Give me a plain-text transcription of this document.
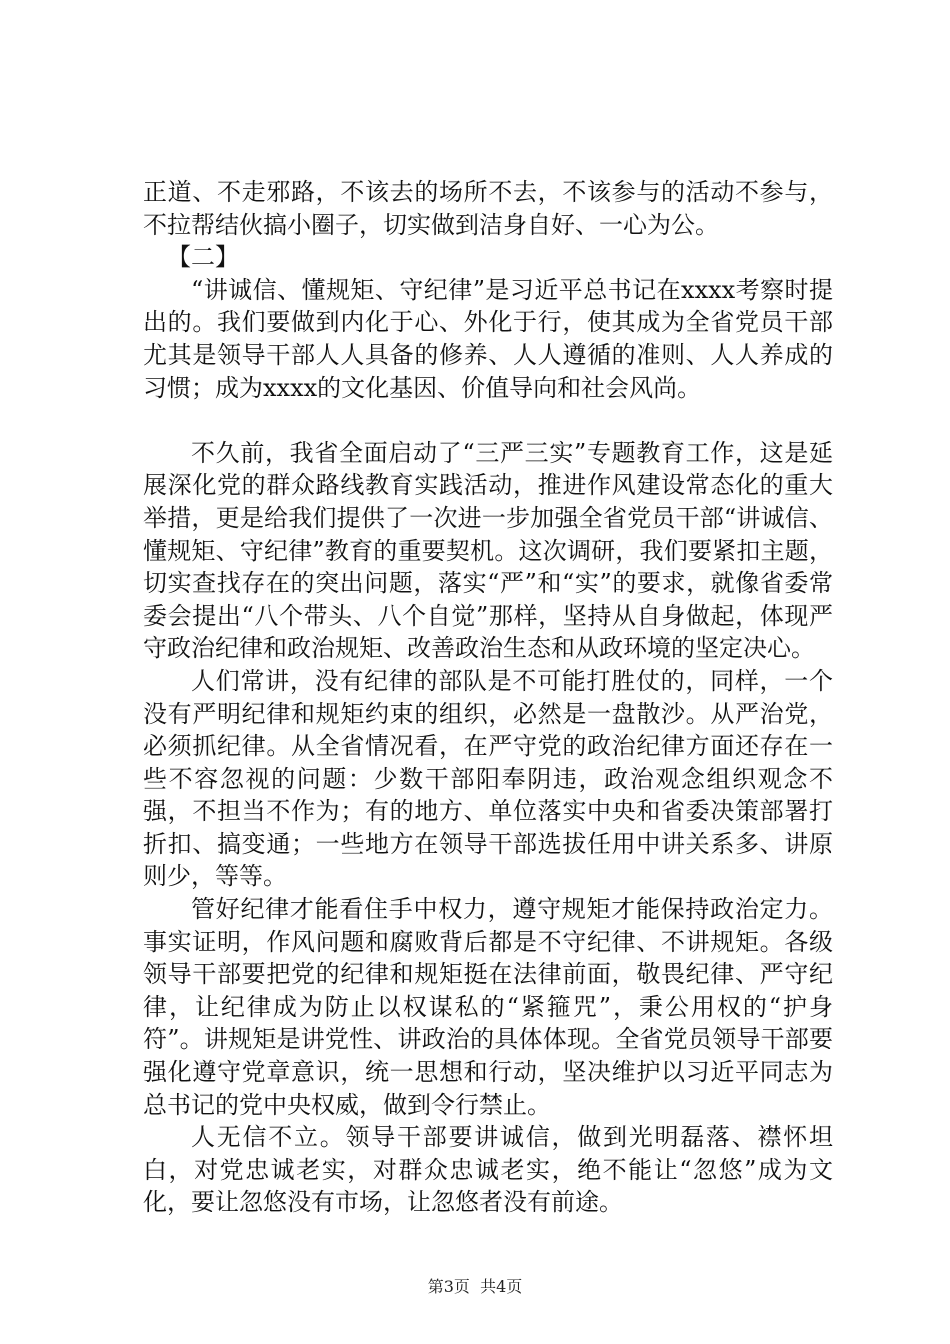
正道、不走邪路，不该去的场所不去，不该参与的活动不参与，不拉帮结伙搞小圈子，切实做到洁身自好、一心为公。

【二】

“讲诚信、懂规矩、守纪律”是习近平总书记在xxxx考察时提出的。我们要做到内化于心、外化于行，使其成为全省党员干部尤其是领导干部人人具备的修养、人人遵循的准则、人人养成的习惯；成为xxxx的文化基因、价值导向和社会风尚。

不久前，我省全面启动了“三严三实”专题教育工作，这是延展深化党的群众路线教育实践活动，推进作风建设常态化的重大举措，更是给我们提供了一次进一步加强全省党员干部“讲诚信、懂规矩、守纪律”教育的重要契机。这次调研，我们要紧扣主题，切实查找存在的突出问题，落实“严”和“实”的要求，就像省委常委会提出“八个带头、八个自觉”那样，坚持从自身做起，体现严守政治纪律和政治规矩、改善政治生态和从政环境的坚定决心。

人们常讲，没有纪律的部队是不可能打胜仗的，同样，一个没有严明纪律和规矩约束的组织，必然是一盘散沙。从严治党，必须抓纪律。从全省情况看，在严守党的政治纪律方面还存在一些不容忽视的问题：少数干部阳奉阴违，政治观念组织观念不强，不担当不作为；有的地方、单位落实中央和省委决策部署打折扣、搞变通；一些地方在领导干部选拔任用中讲关系多、讲原则少，等等。

管好纪律才能看住手中权力，遵守规矩才能保持政治定力。事实证明，作风问题和腐败背后都是不守纪律、不讲规矩。各级领导干部要把党的纪律和规矩挺在法律前面，敬畏纪律、严守纪律，让纪律成为防止以权谋私的“紧箍咒”，秉公用权的“护身符”。讲规矩是讲党性、讲政治的具体体现。全省党员领导干部要强化遵守党章意识，统一思想和行动，坚决维护以习近平同志为总书记的党中央权威，做到令行禁止。

人无信不立。领导干部要讲诚信，做到光明磊落、襟怀坦白，对党忠诚老实，对群众忠诚老实，绝不能让“忽悠”成为文化，要让忽悠没有市场，让忽悠者没有前途。

第3页  共4页
